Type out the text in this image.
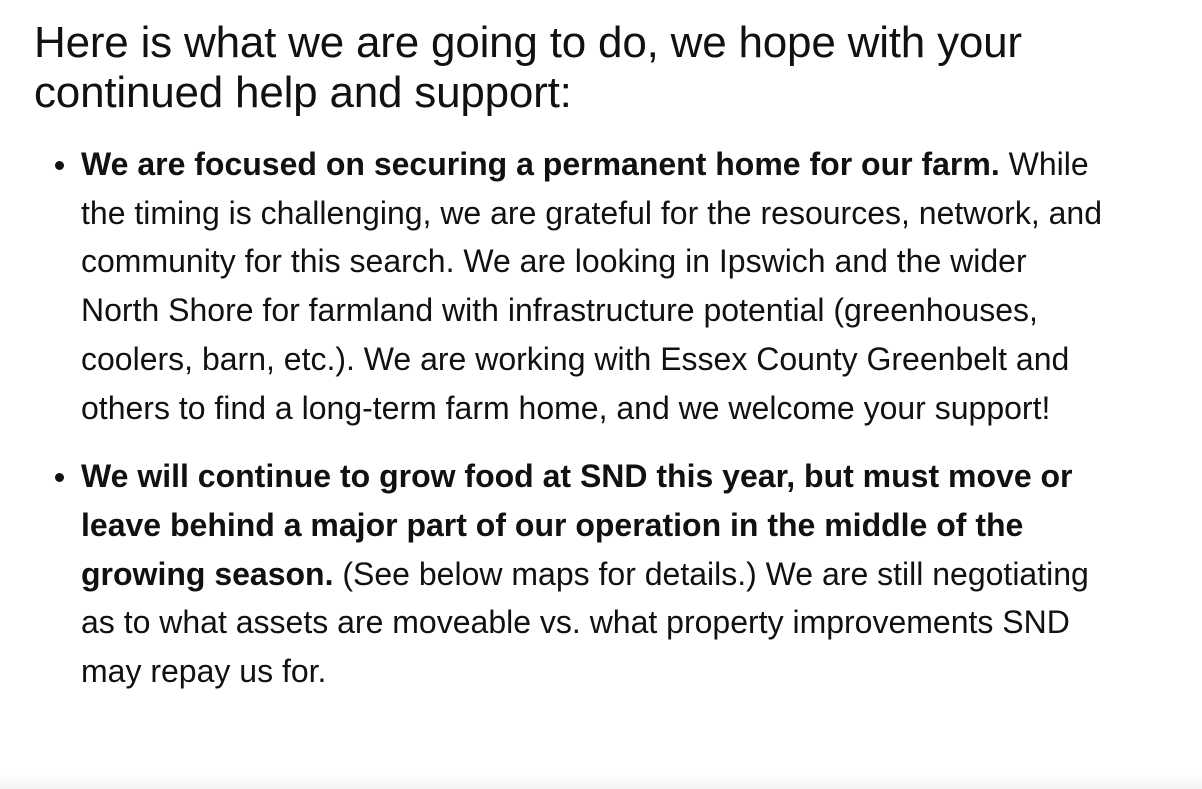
Here is what we are going to do, we hope with your continued help and support:
We are focused on securing a permanent home for our farm. While the timing is challenging, we are grateful for the resources, network, and community for this search. We are looking in Ipswich and the wider North Shore for farmland with infrastructure potential (greenhouses, coolers, barn, etc.). We are working with Essex County Greenbelt and others to find a long-term farm home, and we welcome your support!
We will continue to grow food at SND this year, but must move or leave behind a major part of our operation in the middle of the growing season. (See below maps for details.) We are still negotiating as to what assets are moveable vs. what property improvements SND may repay us for.
